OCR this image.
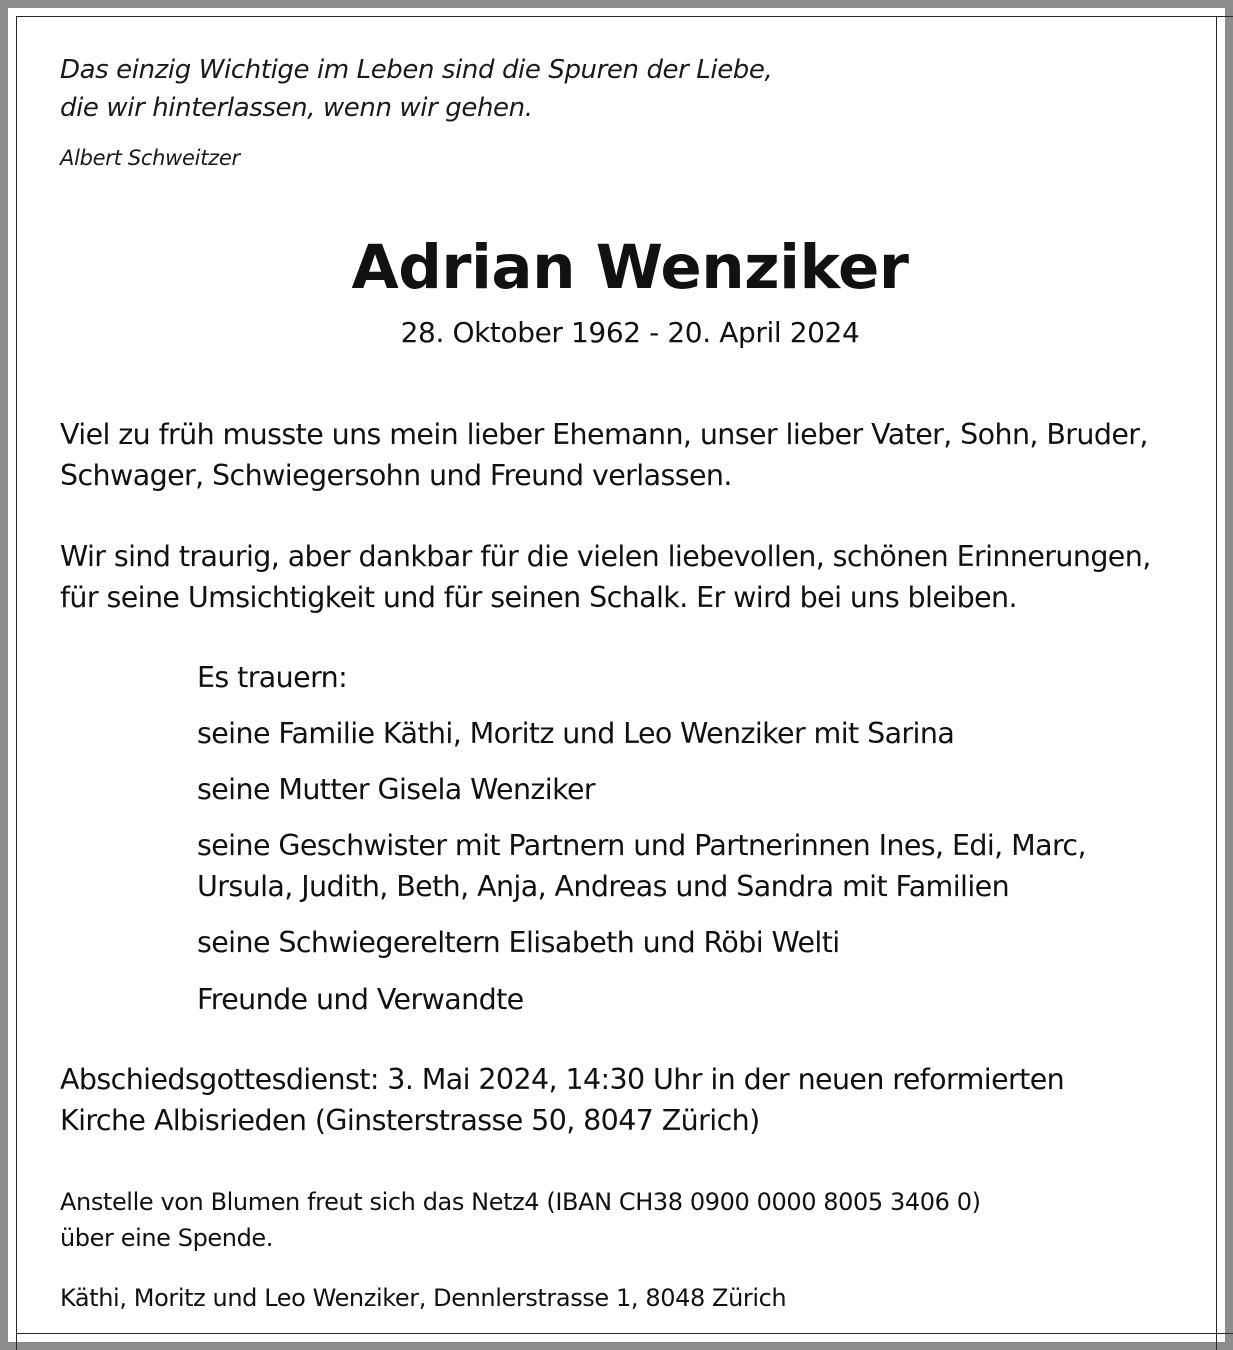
Das einzig Wichtige im Leben sind die Spuren der Liebe,
die wir hinterlassen, wenn wir gehen.

Albert Schweitzer

Adrian Wenziker

28. Oktober 1962 - 20. April 2024

Viel zu früh musste uns mein lieber Ehemann, unser lieber Vater, Sohn, Bruder,
Schwager, Schwiegersohn und Freund verlassen.

Wir sind traurig, aber dankbar für die vielen liebevollen, schönen Erinnerungen,
für seine Umsichtigkeit und für seinen Schalk. Er wird bei uns bleiben.

Es trauern:

seine Familie Käthi, Moritz und Leo Wenziker mit Sarina

seine Mutter Gisela Wenziker

seine Geschwister mit Partnern und Partnerinnen Ines, Edi, Marc,
Ursula, Judith, Beth, Anja, Andreas und Sandra mit Familien

seine Schwiegereltern Elisabeth und Röbi Welti

Freunde und Verwandte

Abschiedsgottesdienst: 3. Mai 2024, 14:30 Uhr in der neuen reformierten
Kirche Albisrieden (Ginsterstrasse 50, 8047 Zürich)

Anstelle von Blumen freut sich das Netz4 (IBAN CH38 0900 0000 8005 3406 0)
über eine Spende.

Käthi, Moritz und Leo Wenziker, Dennlerstrasse 1, 8048 Zürich
